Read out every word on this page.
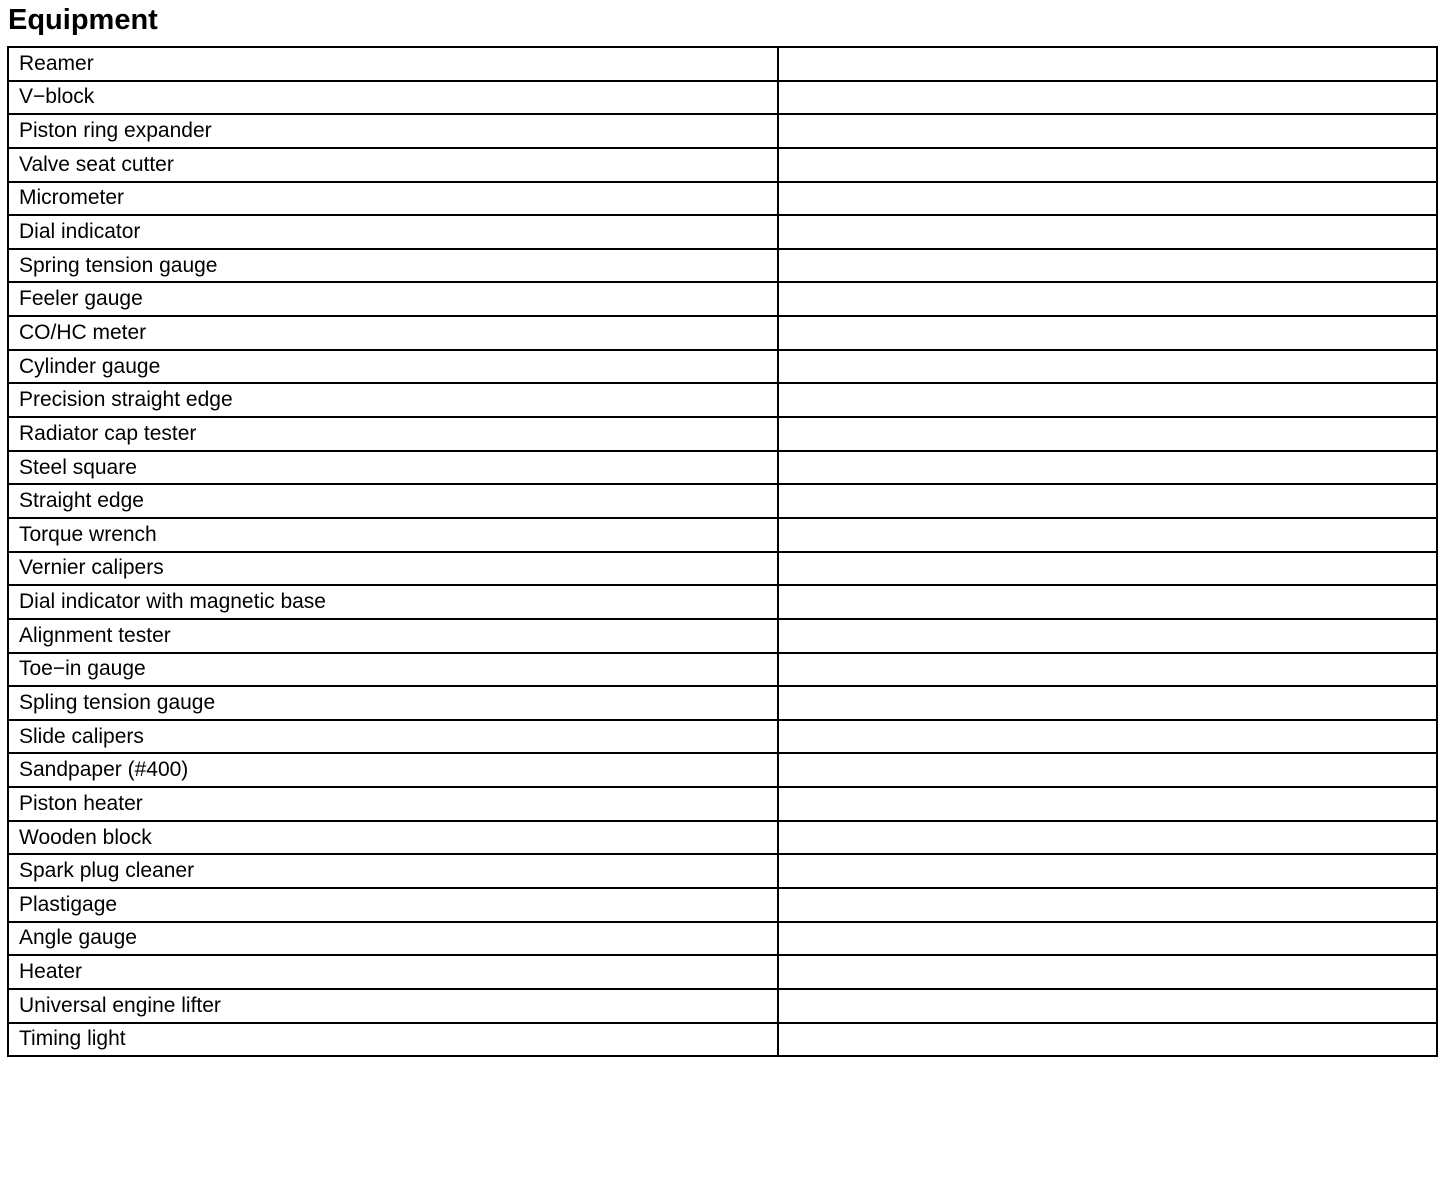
Equipment
Reamer	
V−block	
Piston ring expander	
Valve seat cutter	
Micrometer	
Dial indicator	
Spring tension gauge	
Feeler gauge	
CO/HC meter	
Cylinder gauge	
Precision straight edge	
Radiator cap tester	
Steel square	
Straight edge	
Torque wrench	
Vernier calipers	
Dial indicator with magnetic base	
Alignment tester	
Toe−in gauge	
Spling tension gauge	
Slide calipers	
Sandpaper (#400)	
Piston heater	
Wooden block	
Spark plug cleaner	
Plastigage	
Angle gauge	
Heater	
Universal engine lifter	
Timing light	
